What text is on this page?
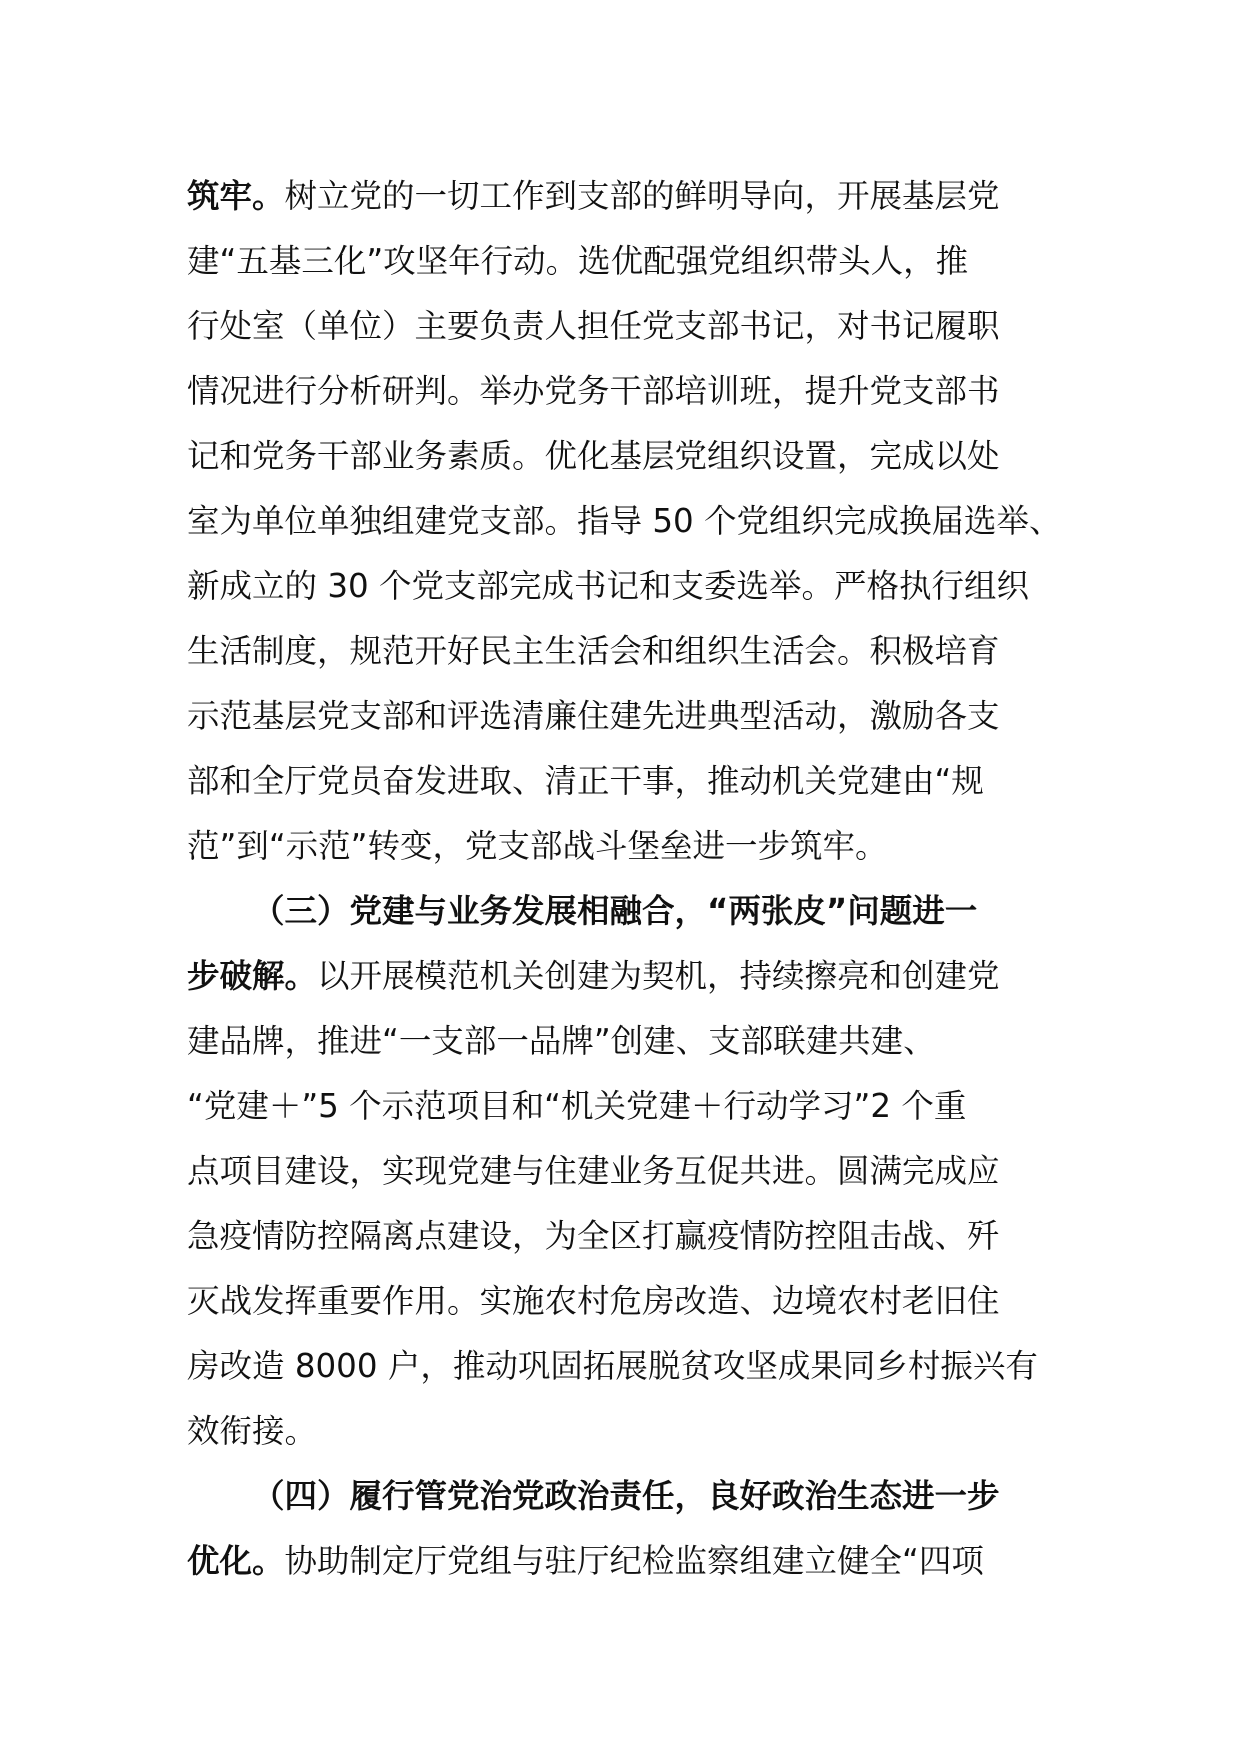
筑牢。树立党的一切工作到支部的鲜明导向，开展基层党
建“五基三化”攻坚年行动。选优配强党组织带头人，推
行处室（单位）主要负责人担任党支部书记，对书记履职
情况进行分析研判。举办党务干部培训班，提升党支部书
记和党务干部业务素质。优化基层党组织设置，完成以处
室为单位单独组建党支部。指导 50 个党组织完成换届选举、
新成立的 30 个党支部完成书记和支委选举。严格执行组织
生活制度，规范开好民主生活会和组织生活会。积极培育
示范基层党支部和评选清廉住建先进典型活动，激励各支
部和全厅党员奋发进取、清正干事，推动机关党建由“规
范”到“示范”转变，党支部战斗堡垒进一步筑牢。
（三）党建与业务发展相融合，“两张皮”问题进一
步破解。以开展模范机关创建为契机，持续擦亮和创建党
建品牌，推进“一支部一品牌”创建、支部联建共建、
“党建＋”5 个示范项目和“机关党建＋行动学习”2 个重
点项目建设，实现党建与住建业务互促共进。圆满完成应
急疫情防控隔离点建设，为全区打赢疫情防控阻击战、歼
灭战发挥重要作用。实施农村危房改造、边境农村老旧住
房改造 8000 户，推动巩固拓展脱贫攻坚成果同乡村振兴有
效衔接。
（四）履行管党治党政治责任，良好政治生态进一步
优化。协助制定厅党组与驻厅纪检监察组建立健全“四项
